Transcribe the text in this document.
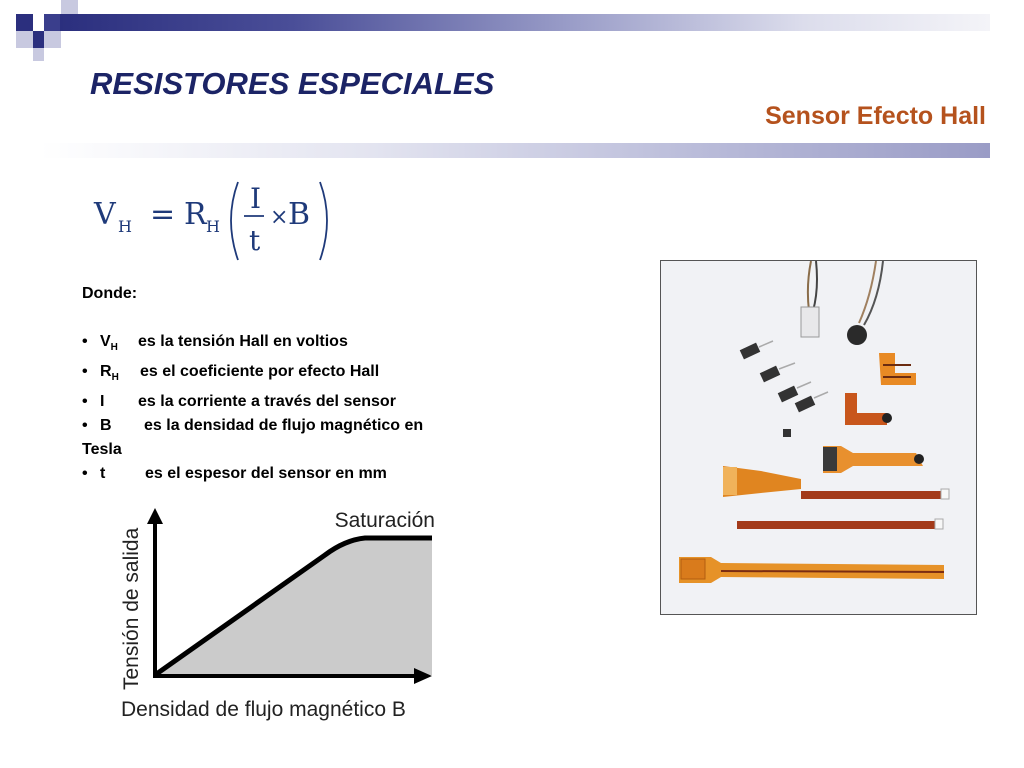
RESISTORES ESPECIALES
Sensor Efecto Hall
V H = R H
I
t
× B
Donde:
• $V_H$	es la tensión Hall en voltios
• $R_H$	es el coeficiente por efecto Hall
• I	es la corriente a través del sensor
• B	es la densidad de flujo magnético en
Tesla
• t	es el espesor del sensor en mm
Saturación
Tensión de salida
Densidad de flujo magnético B
